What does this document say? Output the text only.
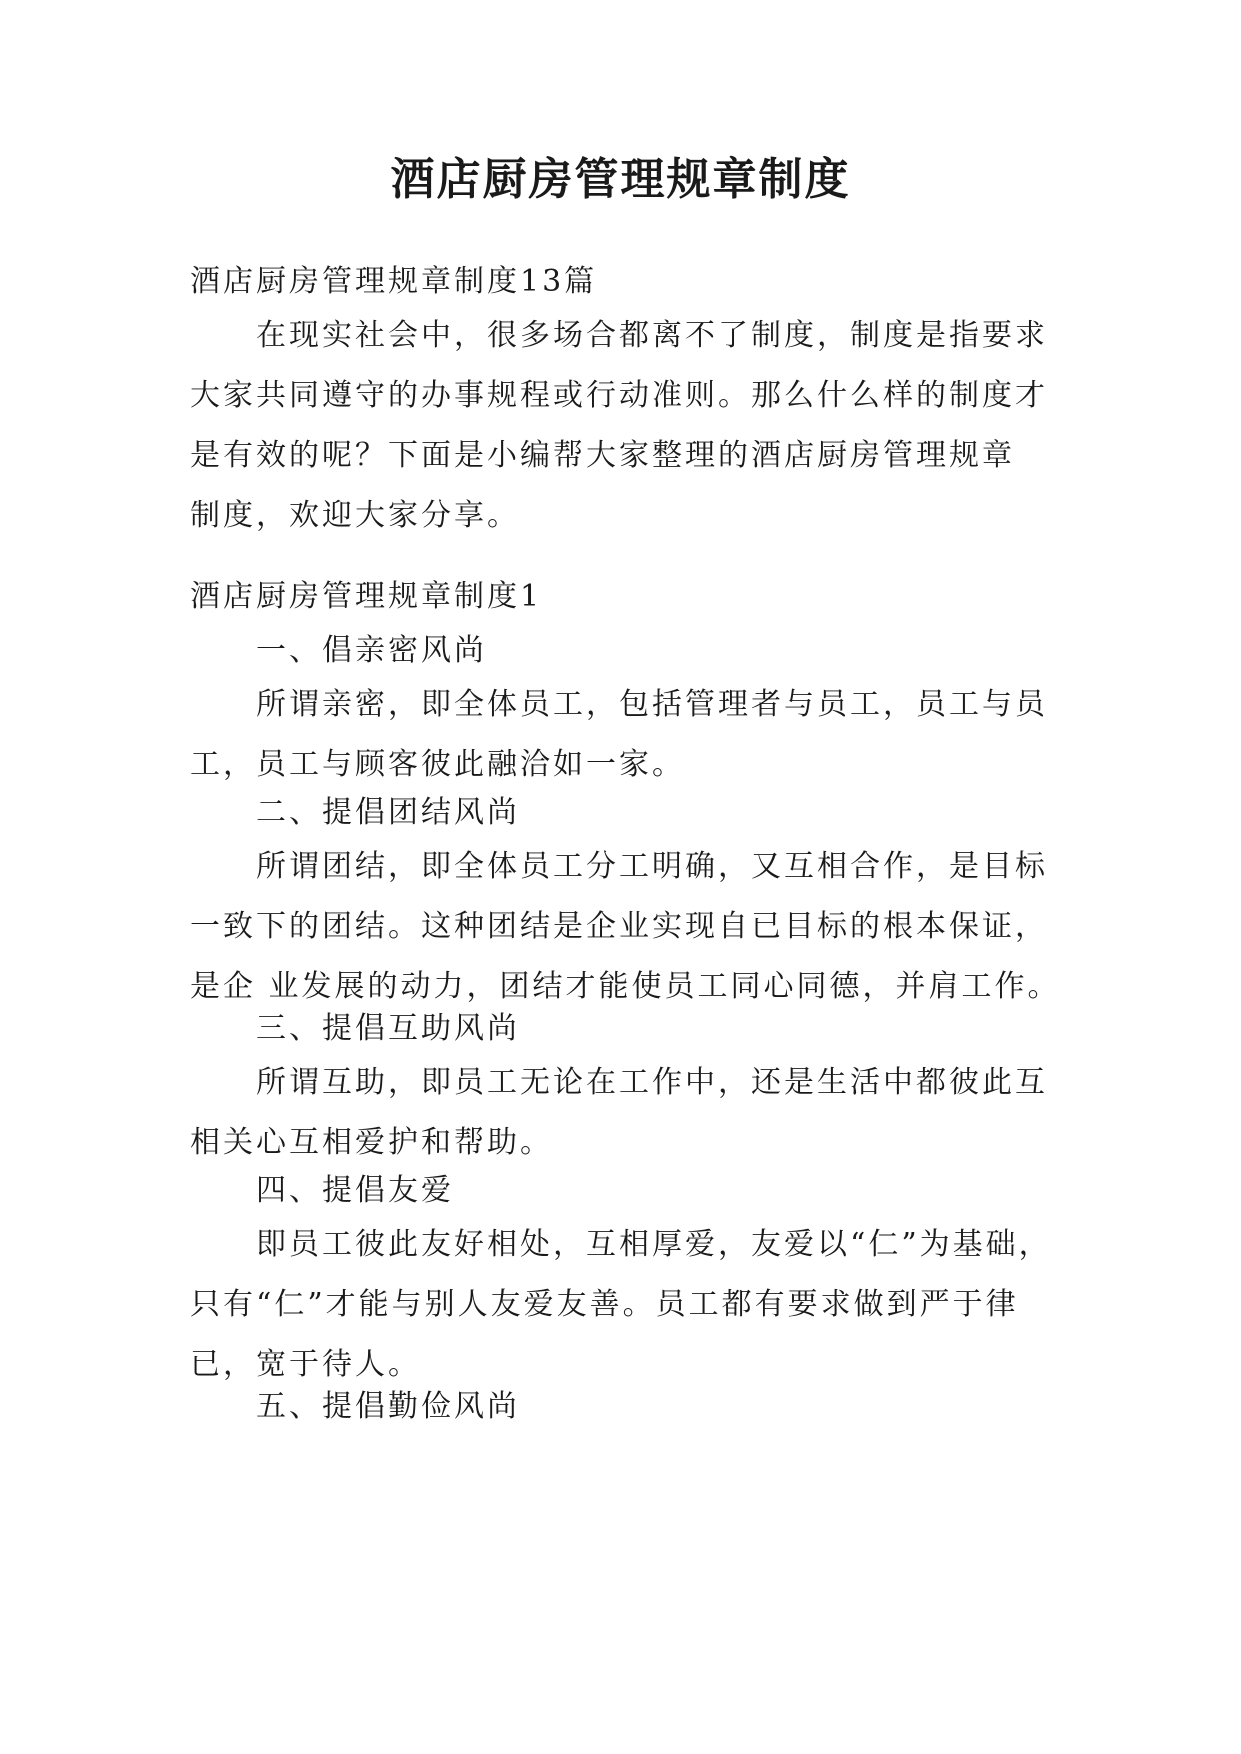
酒店厨房管理规章制度
酒店厨房管理规章制度13篇
在现实社会中，很多场合都离不了制度，制度是指要求
大家共同遵守的办事规程或行动准则。那么什么样的制度才
是有效的呢？下面是小编帮大家整理的酒店厨房管理规章
制度，欢迎大家分享。
酒店厨房管理规章制度1
一、倡亲密风尚
所谓亲密，即全体员工，包括管理者与员工，员工与员
工，员工与顾客彼此融洽如一家。
二、提倡团结风尚
所谓团结，即全体员工分工明确，又互相合作，是目标
一致下的团结。这种团结是企业实现自已目标的根本保证，
是企 业发展的动力，团结才能使员工同心同德，并肩工作。
三、提倡互助风尚
所谓互助，即员工无论在工作中，还是生活中都彼此互
相关心互相爱护和帮助。
四、提倡友爱
即员工彼此友好相处，互相厚爱，友爱以“仁”为基础，
只有“仁”才能与别人友爱友善。员工都有要求做到严于律
已，宽于待人。
五、提倡勤俭风尚
